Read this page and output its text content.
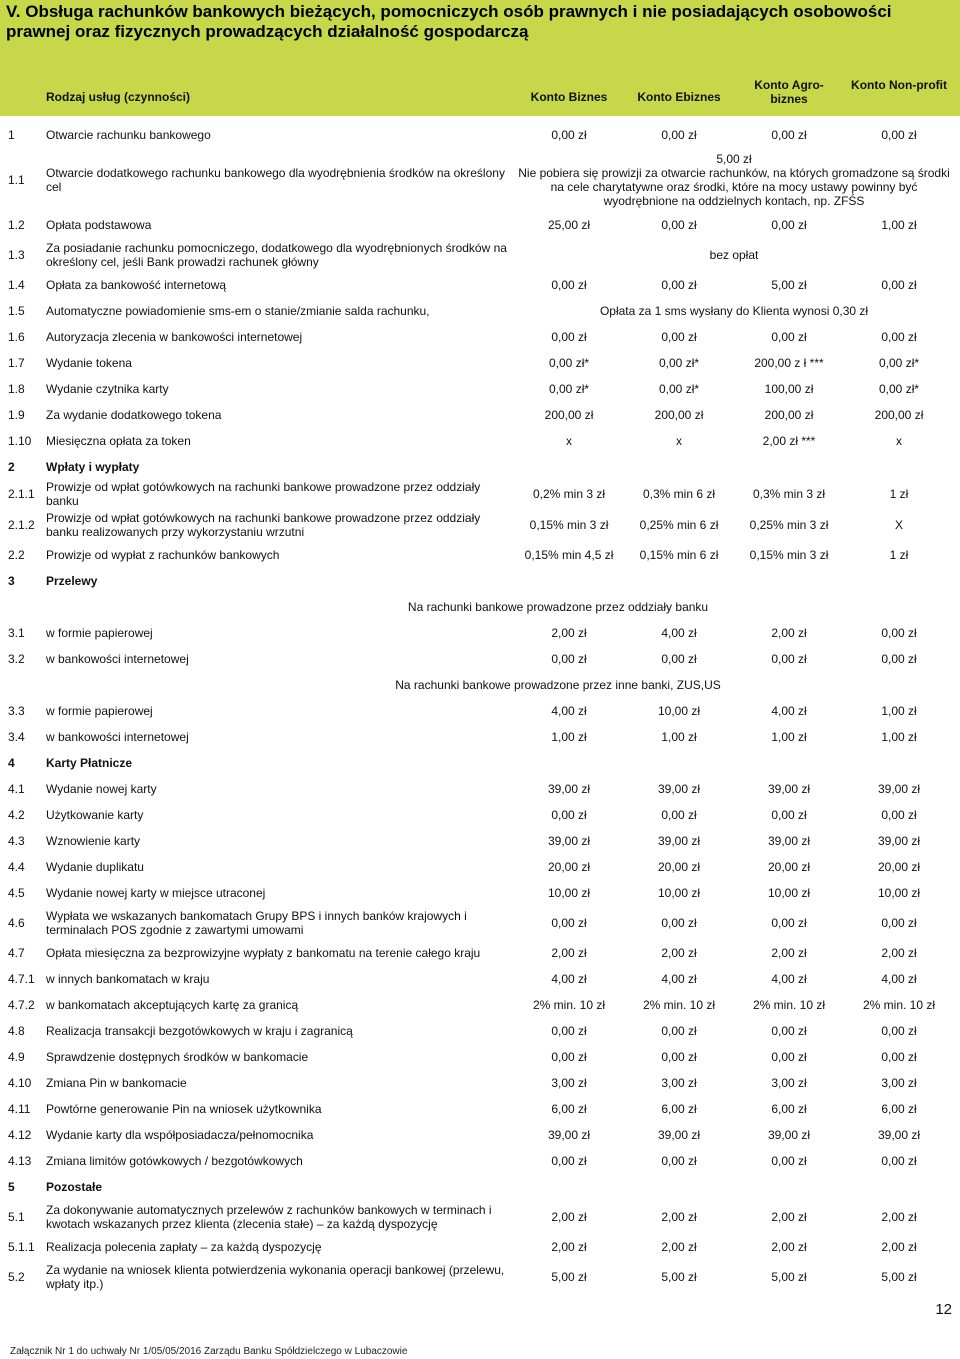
V. Obsługa rachunków bankowych bieżących, pomocniczych osób prawnych i nie posiadających osobowości prawnej oraz fizycznych prowadzących działalność gospodarczą
Rodzaj usług (czynności)		Konto Biznes	Konto Ebiznes	Konto Agro-biznes	Konto Non-profit
1	Otwarcie rachunku bankowego	0,00 zł	0,00 zł	0,00 zł	0,00 zł
1.1	Otwarcie dodatkowego rachunku bankowego dla wyodrębnienia środków na określony cel	5,00 zł
Nie pobiera się prowizji za otwarcie rachunków, na których gromadzone są środki na cele charytatywne oraz środki, które na mocy ustawy powinny być wyodrębnione na oddzielnych kontach, np. ZFŚS			
1.2	Opłata podstawowa	25,00 zł	0,00 zł	0,00 zł	1,00 zł
1.3	Za posiadanie rachunku pomocniczego, dodatkowego dla wyodrębnionych środków na określony cel, jeśli Bank prowadzi rachunek główny	bez opłat			
1.4	Opłata za bankowość internetową	0,00 zł	0,00 zł	5,00 zł	0,00 zł
1.5	Automatyczne powiadomienie sms-em o stanie/zmianie salda rachunku,	Opłata za 1 sms wysłany do Klienta wynosi 0,30 zł			
1.6	Autoryzacja zlecenia w bankowości internetowej	0,00 zł	0,00 zł	0,00 zł	0,00 zł
1.7	Wydanie tokena	0,00 zł*	0,00 zł*	200,00 z ł ***	0,00 zł*
1.8	Wydanie czytnika karty	0,00 zł*	0,00 zł*	100,00 zł	0,00 zł*
1.9	Za wydanie dodatkowego tokena	200,00 zł	200,00 zł	200,00 zł	200,00 zł
1.10	Miesięczna opłata za token	x	x	2,00 zł ***	x
2	Wpłaty i wypłaty				
2.1.1	Prowizje od wpłat gotówkowych na rachunki bankowe prowadzone przez oddziały banku	0,2% min 3 zł	0,3% min 6 zł	0,3% min 3 zł	1 zł
2.1.2	Prowizje od wpłat gotówkowych na rachunki bankowe prowadzone przez oddziały banku realizowanych przy wykorzystaniu wrzutni	0,15% min 3 zł	0,25% min 6 zł	0,25% min 3 zł	X
2.2	Prowizje od wypłat z rachunków bankowych	0,15% min 4,5 zł	0,15% min 6 zł	0,15% min 3 zł	1 zł
3	Przelewy				
	Na rachunki bankowe prowadzone przez oddziały banku				
3.1	w formie papierowej	2,00 zł	4,00 zł	2,00 zł	0,00 zł
3.2	w bankowości internetowej	0,00 zł	0,00 zł	0,00 zł	0,00 zł
	Na rachunki bankowe prowadzone przez inne banki, ZUS,US				
3.3	w formie papierowej	4,00 zł	10,00 zł	4,00 zł	1,00 zł
3.4	w bankowości internetowej	1,00 zł	1,00 zł	1,00 zł	1,00 zł
4	Karty Płatnicze				
4.1	Wydanie nowej karty	39,00 zł	39,00 zł	39,00 zł	39,00 zł
4.2	Użytkowanie karty	0,00 zł	0,00 zł	0,00 zł	0,00 zł
4.3	Wznowienie karty	39,00 zł	39,00 zł	39,00 zł	39,00 zł
4.4	Wydanie duplikatu	20,00 zł	20,00 zł	20,00 zł	20,00 zł
4.5	Wydanie nowej karty w miejsce utraconej	10,00 zł	10,00 zł	10,00 zł	10,00 zł
4.6	Wypłata we wskazanych bankomatach Grupy BPS i innych banków krajowych i terminalach POS zgodnie z zawartymi umowami	0,00 zł	0,00 zł	0,00 zł	0,00 zł
4.7	Opłata miesięczna za bezprowizyjne wypłaty z bankomatu na terenie całego kraju	2,00 zł	2,00 zł	2,00 zł	2,00 zł
4.7.1	w innych bankomatach w kraju	4,00 zł	4,00 zł	4,00 zł	4,00 zł
4.7.2	w bankomatach akceptujących kartę za granicą	2% min. 10 zł	2% min. 10 zł	2% min. 10 zł	2% min. 10 zł
4.8	Realizacja transakcji bezgotówkowych w kraju i zagranicą	0,00 zł	0,00 zł	0,00 zł	0,00 zł
4.9	Sprawdzenie dostępnych środków w bankomacie	0,00 zł	0,00 zł	0,00 zł	0,00 zł
4.10	Zmiana Pin w bankomacie	3,00 zł	3,00 zł	3,00 zł	3,00 zł
4.11	Powtórne generowanie Pin na wniosek użytkownika	6,00 zł	6,00 zł	6,00 zł	6,00 zł
4.12	Wydanie karty dla współposiadacza/pełnomocnika	39,00 zł	39,00 zł	39,00 zł	39,00 zł
4.13	Zmiana limitów gotówkowych / bezgotówkowych	0,00 zł	0,00 zł	0,00 zł	0,00 zł
5	Pozostałe				
5.1	Za dokonywanie automatycznych przelewów z rachunków bankowych w terminach i kwotach wskazanych przez klienta (zlecenia stałe) – za każdą dyspozycję	2,00 zł	2,00 zł	2,00 zł	2,00 zł
5.1.1	Realizacja polecenia zapłaty – za każdą dyspozycję	2,00 zł	2,00 zł	2,00 zł	2,00 zł
5.2	Za wydanie na wniosek klienta potwierdzenia wykonania operacji bankowej (przelewu, wpłaty itp.)	5,00 zł	5,00 zł	5,00 zł	5,00 zł
12
Załącznik Nr 1 do uchwały Nr 1/05/05/2016 Zarządu Banku Spółdzielczego w Lubaczowie
